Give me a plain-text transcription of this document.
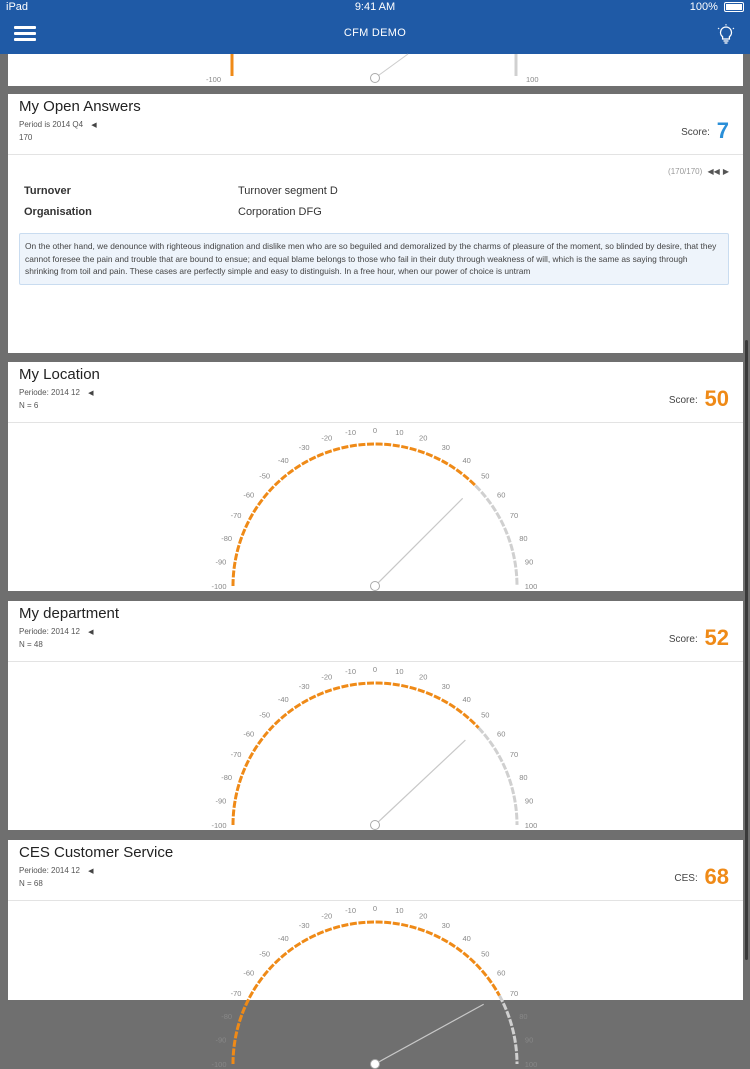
iPad	9:41 AM	100%
CFM DEMO
-100	100
My Open Answers
Period is 2014 Q4 ◀
170	Score: 7
(170/170) ◀◀ ▶
Turnover	Turnover segment D
Organisation	Corporation DFG
On the other hand, we denounce with righteous indignation and dislike men who are so beguiled and demoralized by the charms of pleasure of the moment, so blinded by desire, that they cannot foresee the pain and trouble that are bound to ensue; and equal blame belongs to those who fail in their duty through weakness of will, which is the same as saying through shrinking from toil and pain. These cases are perfectly simple and easy to distinguish. In a free hour, when our power of choice is untram
My Location
Periode: 2014 12 ◀
N = 6	Score: 50
-100
-90
-80
-70
-60
-50
-40
-30
-20
-10 0 10
20
30
40
50
60
70
80
90
100
My department
Periode: 2014 12 ◀
N = 48	Score: 52
-100
-90
-80
-70
-60
-50
-40
-30
-20
-10 0 10
20
30
40
50
60
70
80
90
100
CES Customer Service
Periode: 2014 12 ◀
N = 68	CES: 68
-100
-90
-80
-70
-60
-50
-40
-30
-20
-10 0 10
20
30
40
50
60
70
80
90
100
